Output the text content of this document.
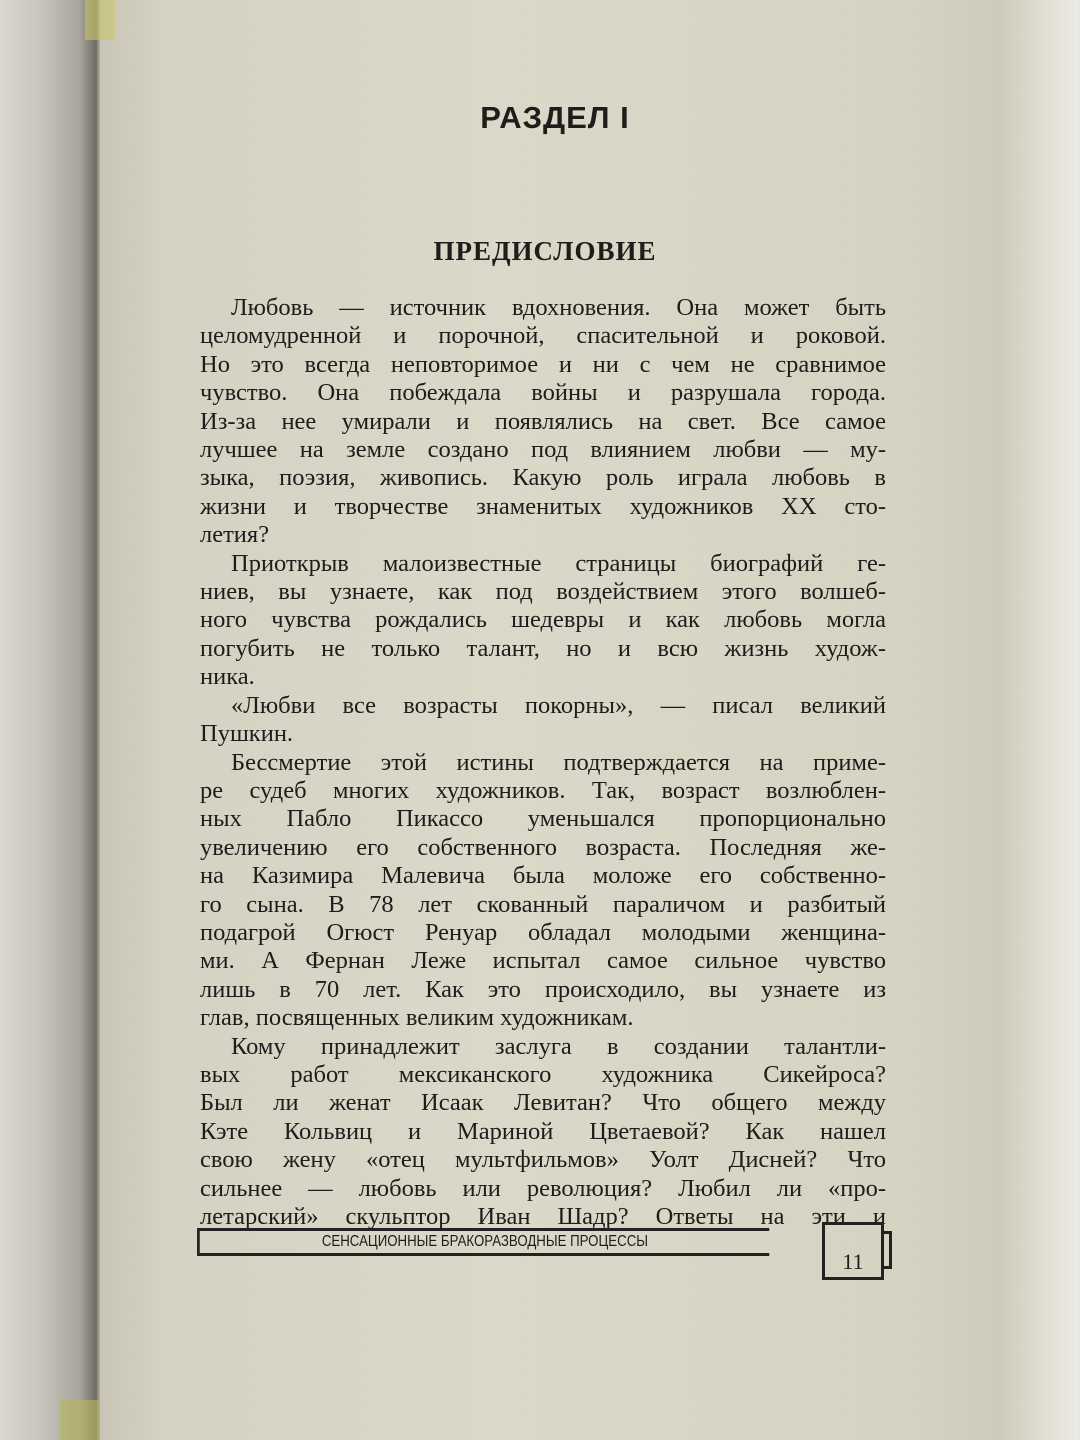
РАЗДЕЛ I
ПРЕДИСЛОВИЕ
Любовь — источник вдохновения. Она может быть
целомудренной и порочной, спасительной и роковой.
Но это всегда неповторимое и ни с чем не сравнимое
чувство. Она побеждала войны и разрушала города.
Из-за нее умирали и появлялись на свет. Все самое
лучшее на земле создано под влиянием любви — му-
зыка, поэзия, живопись. Какую роль играла любовь в
жизни и творчестве знаменитых художников XX сто-
летия?
Приоткрыв малоизвестные страницы биографий ге-
ниев, вы узнаете, как под воздействием этого волшеб-
ного чувства рождались шедевры и как любовь могла
погубить не только талант, но и всю жизнь худож-
ника.
«Любви все возрасты покорны», — писал великий
Пушкин.
Бессмертие этой истины подтверждается на приме-
ре судеб многих художников. Так, возраст возлюблен-
ных Пабло Пикассо уменьшался пропорционально
увеличению его собственного возраста. Последняя же-
на Казимира Малевича была моложе его собственно-
го сына. В 78 лет скованный параличом и разбитый
подагрой Огюст Ренуар обладал молодыми женщина-
ми. А Фернан Леже испытал самое сильное чувство
лишь в 70 лет. Как это происходило, вы узнаете из
глав, посвященных великим художникам.
Кому принадлежит заслуга в создании талантли-
вых работ мексиканского художника Сикейроса?
Был ли женат Исаак Левитан? Что общего между
Кэте Кольвиц и Мариной Цветаевой? Как нашел
свою жену «отец мультфильмов» Уолт Дисней? Что
сильнее — любовь или революция? Любил ли «про-
летарский» скульптор Иван Шадр? Ответы на эти и
СЕНСАЦИОННЫЕ БРАКОРАЗВОДНЫЕ ПРОЦЕССЫ
11
